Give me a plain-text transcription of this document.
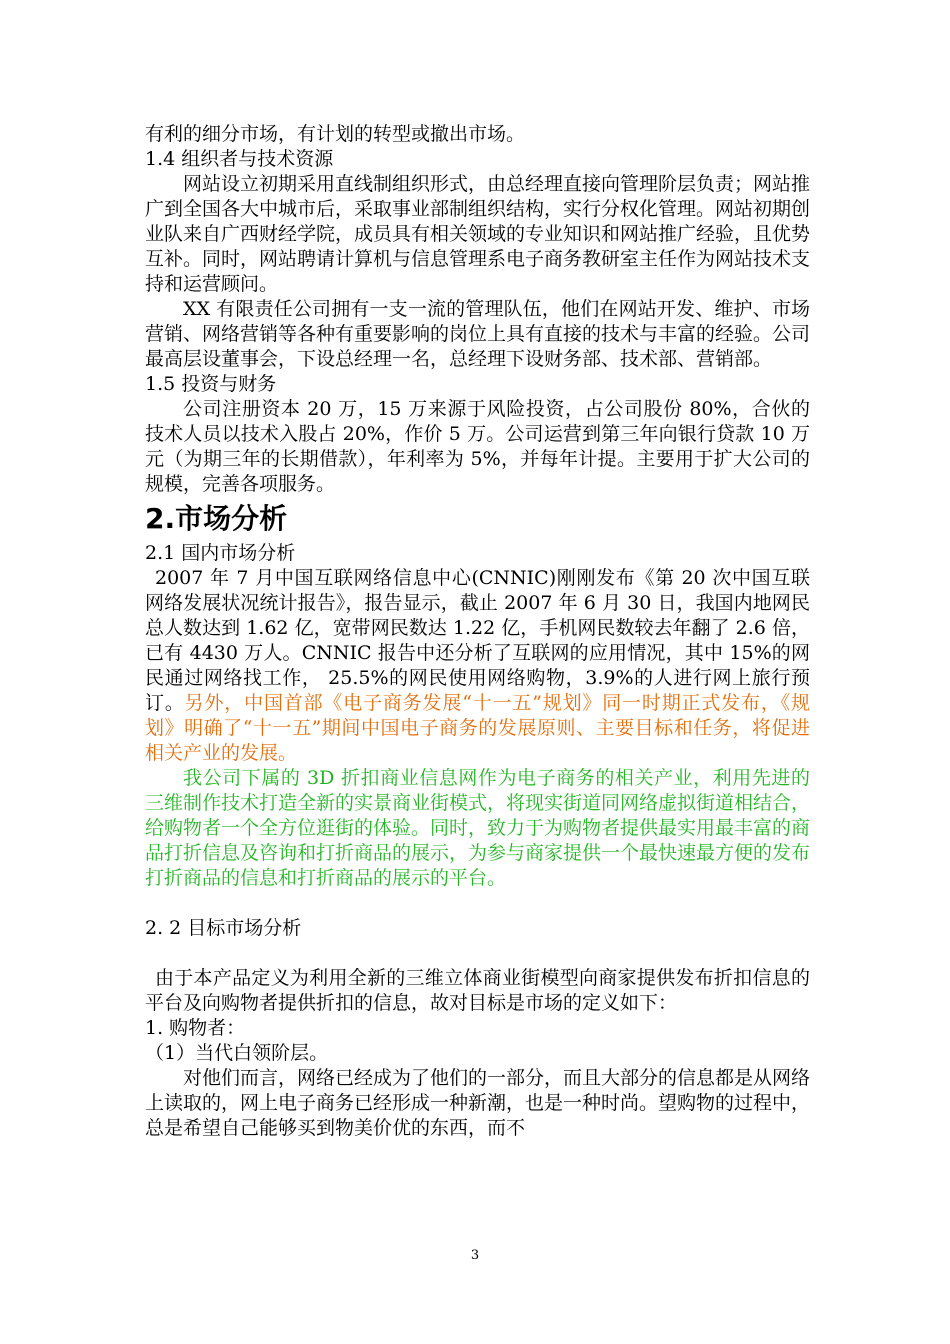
有利的细分市场，有计划的转型或撤出市场。

1.4 组织者与技术资源

网站设立初期采用直线制组织形式，由总经理直接向管理阶层负责；网站推广到全国各大中城市后，采取事业部制组织结构，实行分权化管理。网站初期创业队来自广西财经学院，成员具有相关领域的专业知识和网站推广经验，且优势互补。同时，网站聘请计算机与信息管理系电子商务教研室主任作为网站技术支持和运营顾问。

XX 有限责任公司拥有一支一流的管理队伍，他们在网站开发、维护、市场营销、网络营销等各种有重要影响的岗位上具有直接的技术与丰富的经验。公司最高层设董事会，下设总经理一名，总经理下设财务部、技术部、营销部。

1.5 投资与财务

公司注册资本 20 万，15 万来源于风险投资，占公司股份 80%，合伙的技术人员以技术入股占 20%，作价 5 万。公司运营到第三年向银行贷款 10 万元（为期三年的长期借款），年利率为 5%，并每年计提。主要用于扩大公司的规模，完善各项服务。

2.市场分析

2.1 国内市场分析

2007 年 7 月中国互联网络信息中心(CNNIC)刚刚发布《第 20 次中国互联网络发展状况统计报告》，报告显示，截止 2007 年 6 月 30 日，我国内地网民总人数达到 1.62 亿，宽带网民数达 1.22 亿，手机网民数较去年翻了 2.6 倍，已有 4430 万人。CNNIC 报告中还分析了互联网的应用情况，其中 15%的网民通过网络找工作， 25.5%的网民使用网络购物，3.9%的人进行网上旅行预订。另外，中国首部《电子商务发展“十一五”规划》同一时期正式发布，《规划》明确了“十一五”期间中国电子商务的发展原则、主要目标和任务，将促进相关产业的发展。

我公司下属的 3D 折扣商业信息网作为电子商务的相关产业，利用先进的三维制作技术打造全新的实景商业街模式，将现实街道同网络虚拟街道相结合，给购物者一个全方位逛街的体验。同时，致力于为购物者提供最实用最丰富的商品打折信息及咨询和打折商品的展示，为参与商家提供一个最快速最方便的发布打折商品的信息和打折商品的展示的平台。

2. 2 目标市场分析

由于本产品定义为利用全新的三维立体商业街模型向商家提供发布折扣信息的平台及向购物者提供折扣的信息，故对目标是市场的定义如下：

1. 购物者：

（1）当代白领阶层。

对他们而言，网络已经成为了他们的一部分，而且大部分的信息都是从网络上读取的，网上电子商务已经形成一种新潮，也是一种时尚。望购物的过程中，总是希望自己能够买到物美价优的东西，而不

3
